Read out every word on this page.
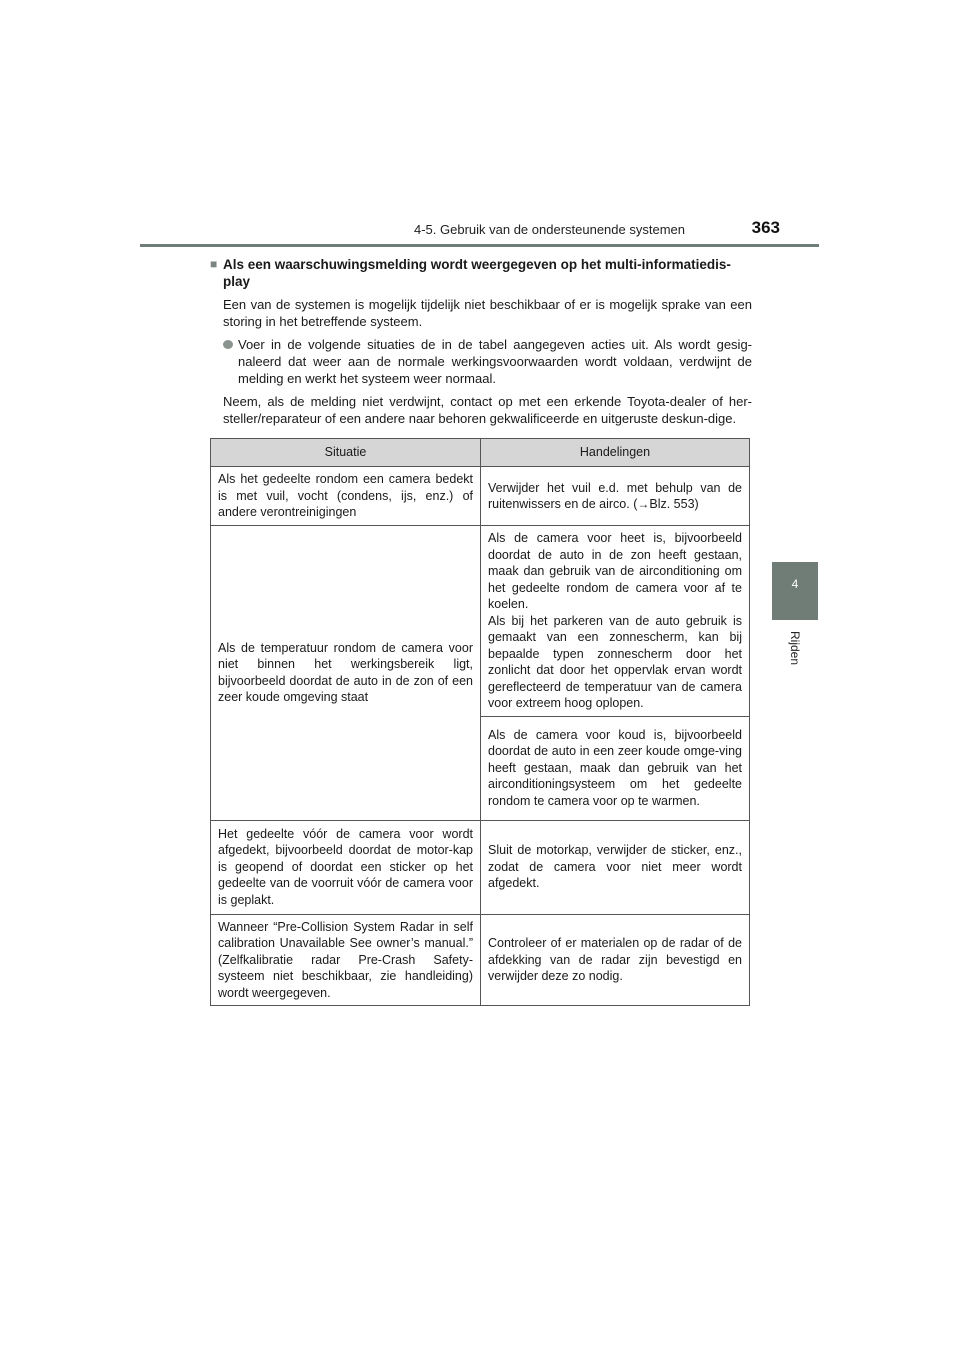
4-5. Gebruik van de ondersteunende systemen	363
4
Rijden
■ Als een waarschuwingsmelding wordt weergegeven op het multi-informatiedis-play
Een van de systemen is mogelijk tijdelijk niet beschikbaar of er is mogelijk sprake van een storing in het betreffende systeem.
Voer in de volgende situaties de in de tabel aangegeven acties uit. Als wordt gesig-naleerd dat weer aan de normale werkingsvoorwaarden wordt voldaan, verdwijnt de melding en werkt het systeem weer normaal.
Neem, als de melding niet verdwijnt, contact op met een erkende Toyota-dealer of her-steller/reparateur of een andere naar behoren gekwalificeerde en uitgeruste deskun-dige.
Situatie	Handelingen
Als het gedeelte rondom een camera bedekt is met vuil, vocht (condens, ijs, enz.) of andere verontreinigingen	Verwijder het vuil e.d. met behulp van de ruitenwissers en de airco. (→Blz. 553)
Als de temperatuur rondom de camera voor niet binnen het werkingsbereik ligt, bijvoorbeeld doordat de auto in de zon of een zeer koude omgeving staat	Als de camera voor heet is, bijvoorbeeld doordat de auto in de zon heeft gestaan, maak dan gebruik van de airconditioning om het gedeelte rondom de camera voor af te koelen.
Als bij het parkeren van de auto gebruik is gemaakt van een zonnescherm, kan bij bepaalde typen zonnescherm door het zonlicht dat door het oppervlak ervan wordt gereflecteerd de temperatuur van de camera voor extreem hoog oplopen.

	Als de camera voor koud is, bijvoorbeeld doordat de auto in een zeer koude omge-ving heeft gestaan, maak dan gebruik van het airconditioningsysteem om het gedeelte rondom te camera voor op te warmen.
Het gedeelte vóór de camera voor wordt afgedekt, bijvoorbeeld doordat de motor-kap is geopend of doordat een sticker op het gedeelte van de voorruit vóór de camera voor is geplakt.	Sluit de motorkap, verwijder de sticker, enz., zodat de camera voor niet meer wordt afgedekt.
Wanneer “Pre-Collision System Radar in self calibration Unavailable See owner’s manual.” (Zelfkalibratie radar Pre-Crash Safety-systeem niet beschikbaar, zie handleiding) wordt weergegeven.	Controleer of er materialen op de radar of de afdekking van de radar zijn bevestigd en verwijder deze zo nodig.
